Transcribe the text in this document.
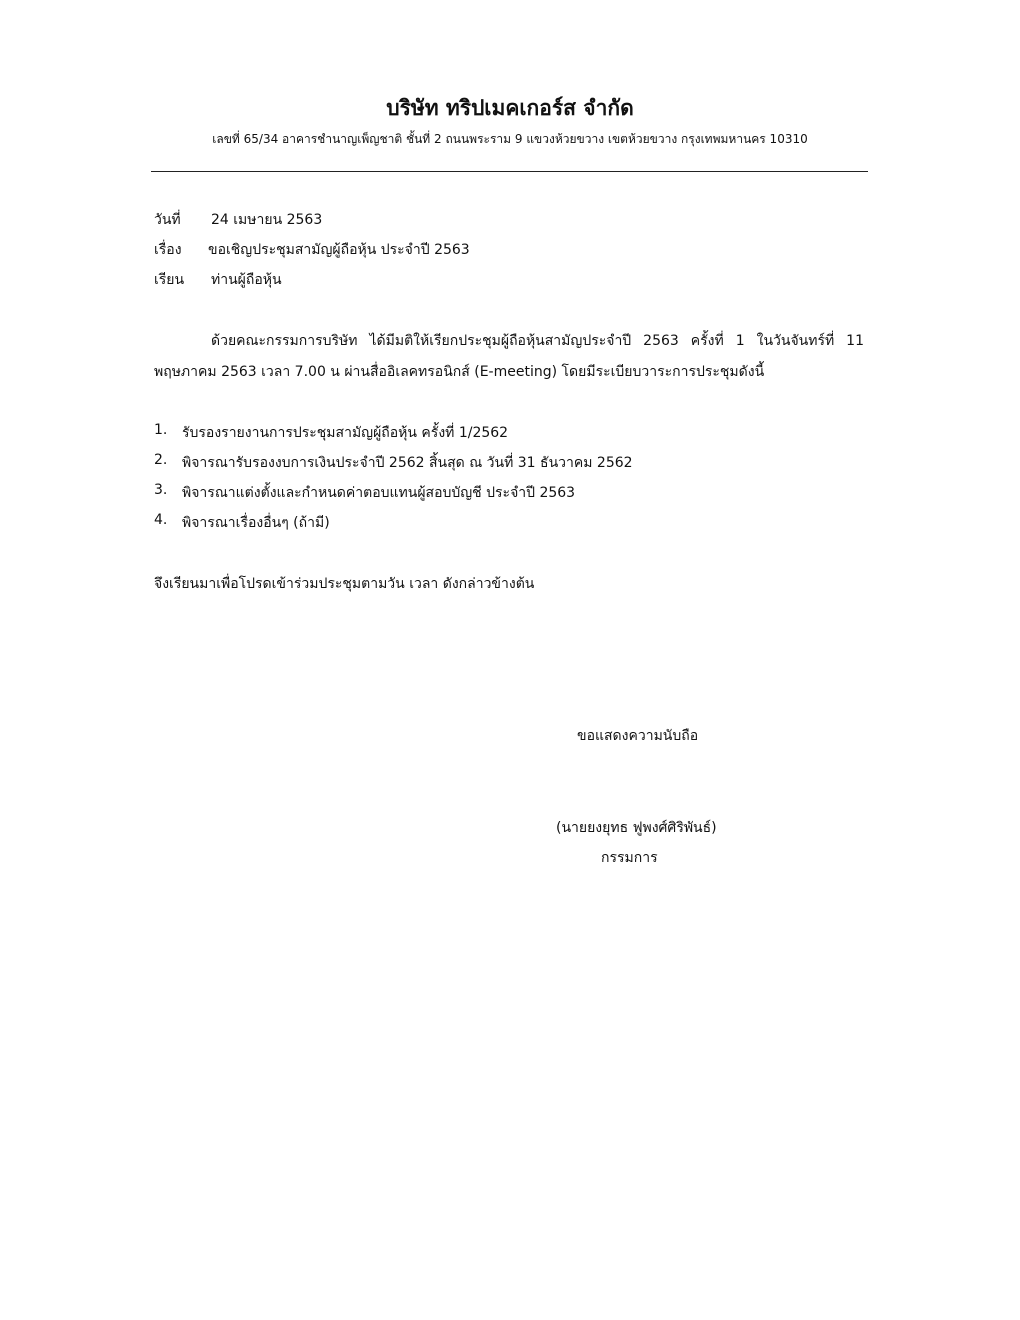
บริษัท ทริปเมคเกอร์ส จำกัด
เลขที่ 65/34 อาคารชำนาญเพ็ญชาติ ชั้นที่ 2 ถนนพระราม 9 แขวงห้วยขวาง เขตห้วยขวาง กรุงเทพมหานคร 10310
วันที่ 24 เมษายน 2563
เรื่อง ขอเชิญประชุมสามัญผู้ถือหุ้น ประจำปี 2563
เรียน ท่านผู้ถือหุ้น
ด้วยคณะกรรมการบริษัท ได้มีมติให้เรียกประชุมผู้ถือหุ้นสามัญประจำปี 2563 ครั้งที่ 1 ในวันจันทร์ที่ 11
พฤษภาคม 2563 เวลา 7.00 น ผ่านสื่ออิเลคทรอนิกส์ (E-meeting) โดยมีระเบียบวาระการประชุมดังนี้
1. รับรองรายงานการประชุมสามัญผู้ถือหุ้น ครั้งที่ 1/2562
2. พิจารณารับรองงบการเงินประจำปี 2562 สิ้นสุด ณ วันที่ 31 ธันวาคม 2562
3. พิจารณาแต่งตั้งและกำหนดค่าตอบแทนผู้สอบบัญชี ประจำปี 2563
4. พิจารณาเรื่องอื่นๆ (ถ้ามี)
จึงเรียนมาเพื่อโปรดเข้าร่วมประชุมตามวัน เวลา ดังกล่าวข้างต้น
ขอแสดงความนับถือ
(นายยงยุทธ ฟูพงศ์ศิริพันธ์)
กรรมการ
